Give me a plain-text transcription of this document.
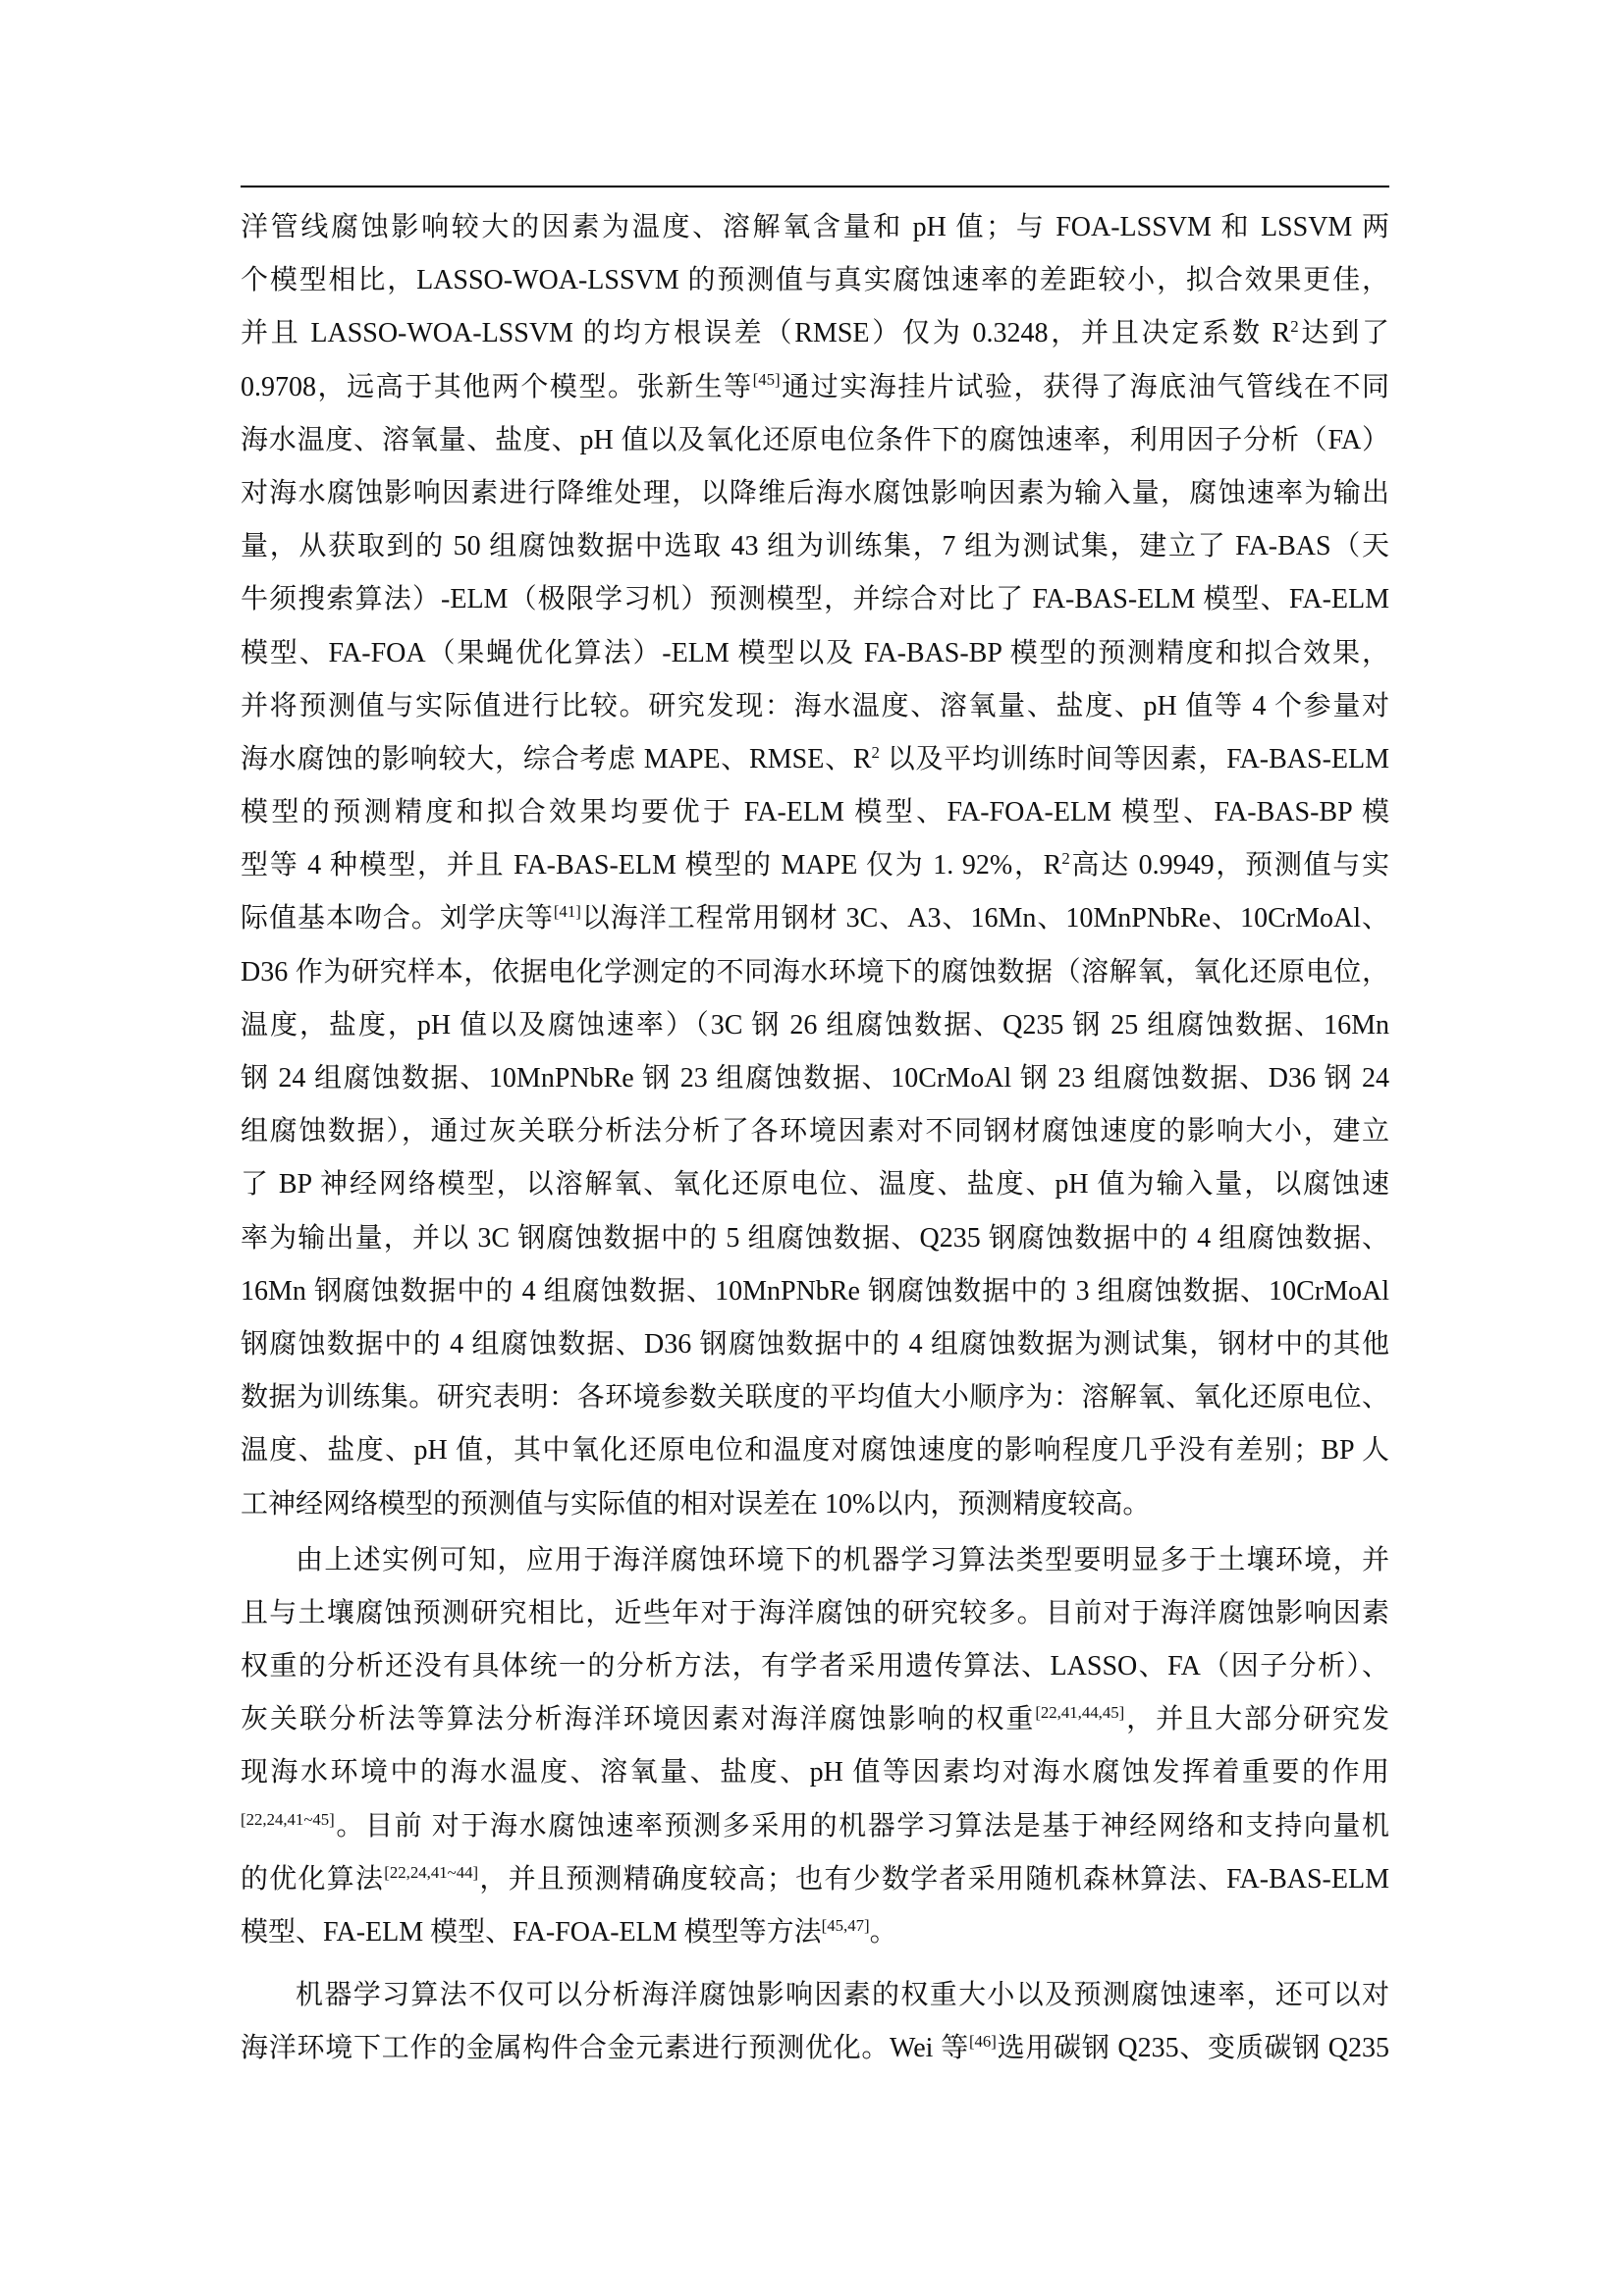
洋管线腐蚀影响较大的因素为温度、溶解氧含量和 pH 值；与 FOA-LSSVM 和 LSSVM 两
个模型相比，LASSO-WOA-LSSVM 的预测值与真实腐蚀速率的差距较小，拟合效果更佳，
并且 LASSO-WOA-LSSVM 的均方根误差（RMSE）仅为 0.3248，并且决定系数 $R^2$达到了
0.9708，远高于其他两个模型。张新生等[45]通过实海挂片试验，获得了海底油气管线在不同
海水温度、溶氧量、盐度、pH 值以及氧化还原电位条件下的腐蚀速率，利用因子分析（FA）
对海水腐蚀影响因素进行降维处理，以降维后海水腐蚀影响因素为输入量，腐蚀速率为输出
量，从获取到的 50 组腐蚀数据中选取 43 组为训练集，7 组为测试集，建立了 FA-BAS（天
牛须搜索算法）-ELM（极限学习机）预测模型，并综合对比了 FA-BAS-ELM 模型、FA-ELM
模型、FA-FOA（果蝇优化算法）-ELM 模型以及 FA-BAS-BP 模型的预测精度和拟合效果，
并将预测值与实际值进行比较。研究发现：海水温度、溶氧量、盐度、pH 值等 4 个参量对
海水腐蚀的影响较大，综合考虑 MAPE、RMSE、$R^2$ 以及平均训练时间等因素，FA-BAS-ELM
模型的预测精度和拟合效果均要优于 FA-ELM 模型、FA-FOA-ELM 模型、FA-BAS-BP 模
型等 4 种模型，并且 FA-BAS-ELM 模型的 MAPE 仅为 1. 92%，$R^2$高达 0.9949，预测值与实
际值基本吻合。刘学庆等[41]以海洋工程常用钢材 3C、A3、16Mn、10MnPNbRe、10CrMoAl、
D36 作为研究样本，依据电化学测定的不同海水环境下的腐蚀数据（溶解氧，氧化还原电位，
温度，盐度，pH 值以及腐蚀速率）（3C 钢 26 组腐蚀数据、Q235 钢 25 组腐蚀数据、16Mn
钢 24 组腐蚀数据、10MnPNbRe 钢 23 组腐蚀数据、10CrMoAl 钢 23 组腐蚀数据、D36 钢 24
组腐蚀数据），通过灰关联分析法分析了各环境因素对不同钢材腐蚀速度的影响大小，建立
了 BP 神经网络模型，以溶解氧、氧化还原电位、温度、盐度、pH 值为输入量，以腐蚀速
率为输出量，并以 3C 钢腐蚀数据中的 5 组腐蚀数据、Q235 钢腐蚀数据中的 4 组腐蚀数据、
16Mn 钢腐蚀数据中的 4 组腐蚀数据、10MnPNbRe 钢腐蚀数据中的 3 组腐蚀数据、10CrMoAl
钢腐蚀数据中的 4 组腐蚀数据、D36 钢腐蚀数据中的 4 组腐蚀数据为测试集，钢材中的其他
数据为训练集。研究表明：各环境参数关联度的平均值大小顺序为：溶解氧、氧化还原电位、
温度、盐度、pH 值，其中氧化还原电位和温度对腐蚀速度的影响程度几乎没有差别；BP 人
工神经网络模型的预测值与实际值的相对误差在 10%以内，预测精度较高。
由上述实例可知，应用于海洋腐蚀环境下的机器学习算法类型要明显多于土壤环境，并
且与土壤腐蚀预测研究相比，近些年对于海洋腐蚀的研究较多。目前对于海洋腐蚀影响因素
权重的分析还没有具体统一的分析方法，有学者采用遗传算法、LASSO、FA（因子分析）、
灰关联分析法等算法分析海洋环境因素对海洋腐蚀影响的权重[22,41,44,45]，并且大部分研究发
现海水环境中的海水温度、溶氧量、盐度、pH 值等因素均对海水腐蚀发挥着重要的作用
[22,24,41~45]。目前 对于海水腐蚀速率预测多采用的机器学习算法是基于神经网络和支持向量机
的优化算法[22,24,41~44]，并且预测精确度较高；也有少数学者采用随机森林算法、FA-BAS-ELM
模型、FA-ELM 模型、FA-FOA-ELM 模型等方法[45,47]。
机器学习算法不仅可以分析海洋腐蚀影响因素的权重大小以及预测腐蚀速率，还可以对
海洋环境下工作的金属构件合金元素进行预测优化。Wei 等[46]选用碳钢 Q235、变质碳钢 Q235
